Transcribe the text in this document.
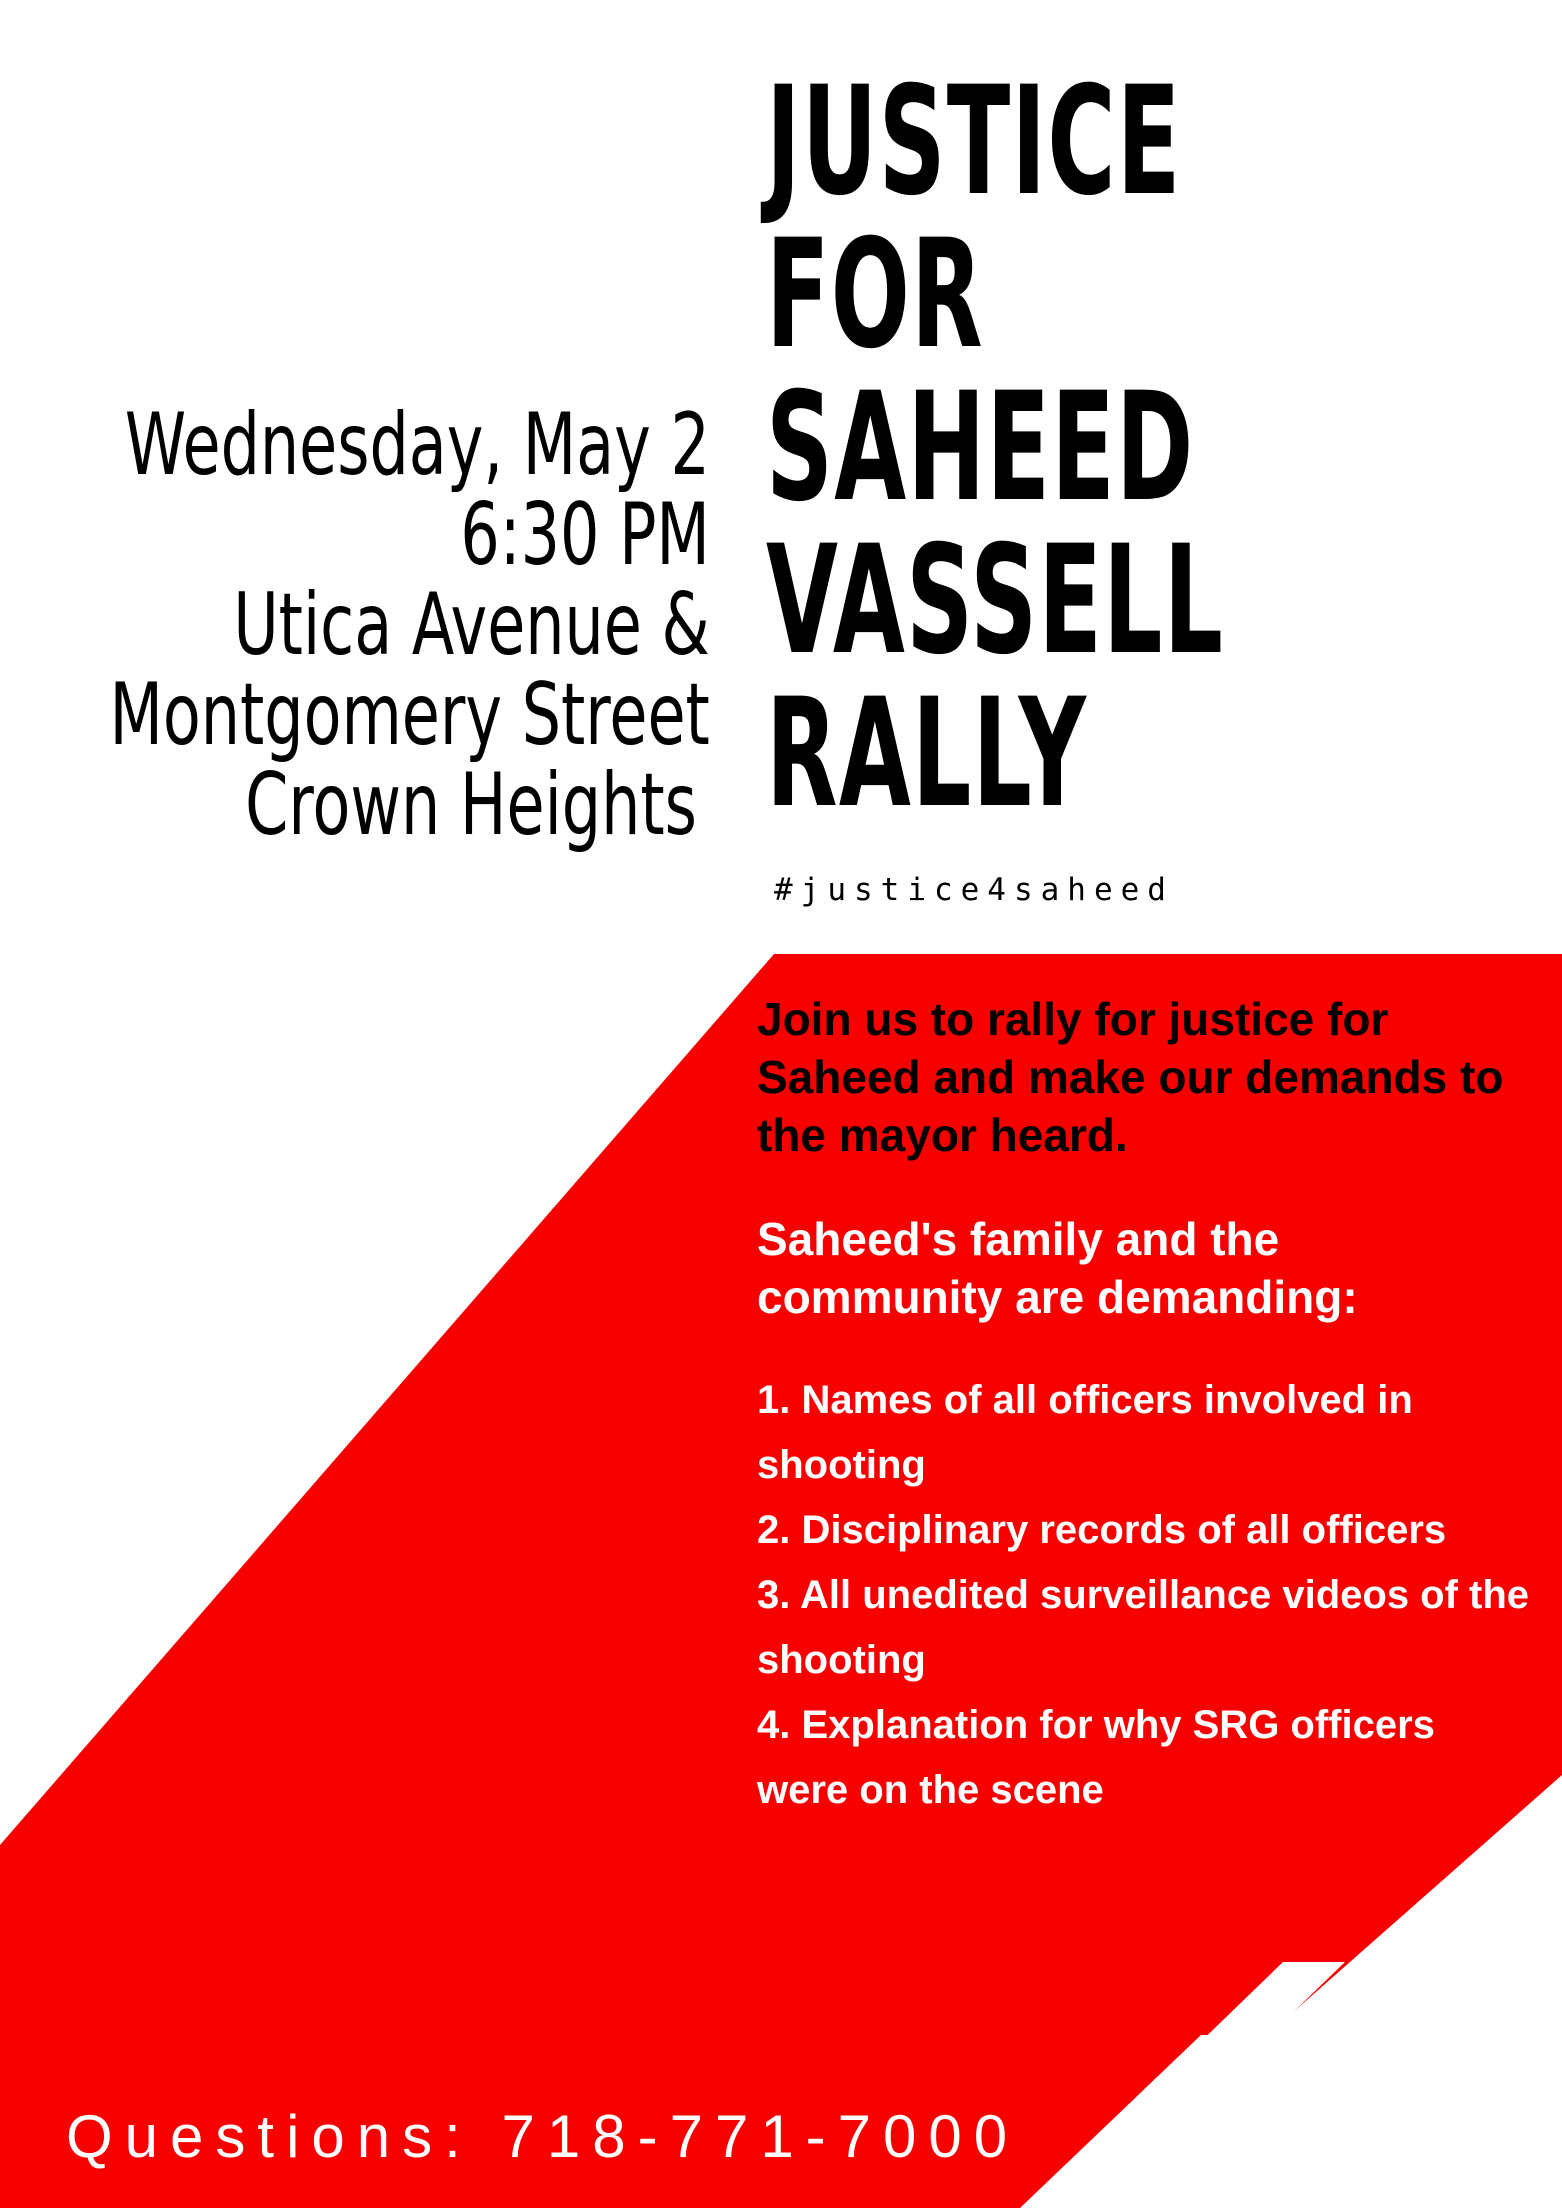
JUSTICE
FOR
SAHEED
VASSELL
RALLY
#justice4saheed
Wednesday, May 2
6:30 PM
Utica Avenue &
Montgomery Street
Crown Heights

Join us to rally for justice for Saheed and make our demands to the mayor heard.

Saheed's family and the community are demanding:

1. Names of all officers involved in shooting
2. Disciplinary records of all officers
3. All unedited surveillance videos of the shooting
4. Explanation for why SRG officers were on the scene
Questions: 718-771-7000
